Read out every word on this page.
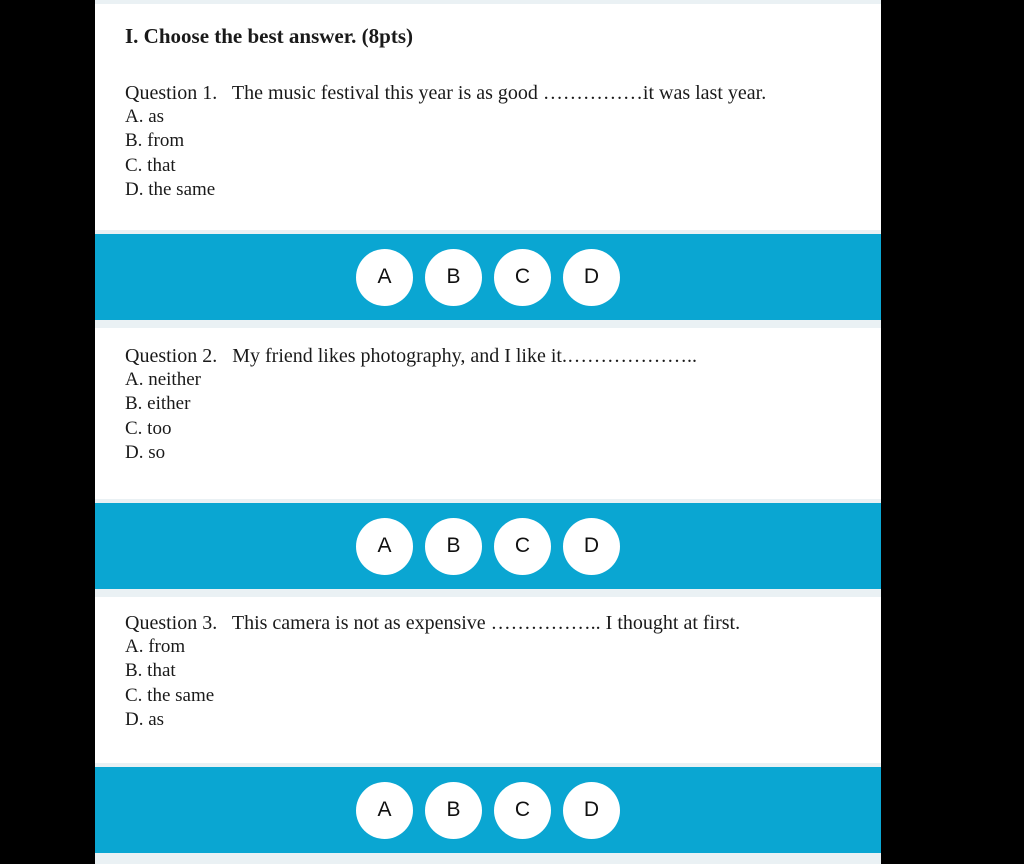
I. Choose the best answer. (8pts)
Question 1.   The music festival this year is as good ……………it was last year.
A. as
B. from
C. that
D. the same
A	B	C	D
Question 2.   My friend likes photography, and I like it.………………..
A. neither
B. either
C. too
D. so
A	B	C	D
Question 3.   This camera is not as expensive …………….. I thought at first.
A. from
B. that
C. the same
D. as
A	B	C	D
